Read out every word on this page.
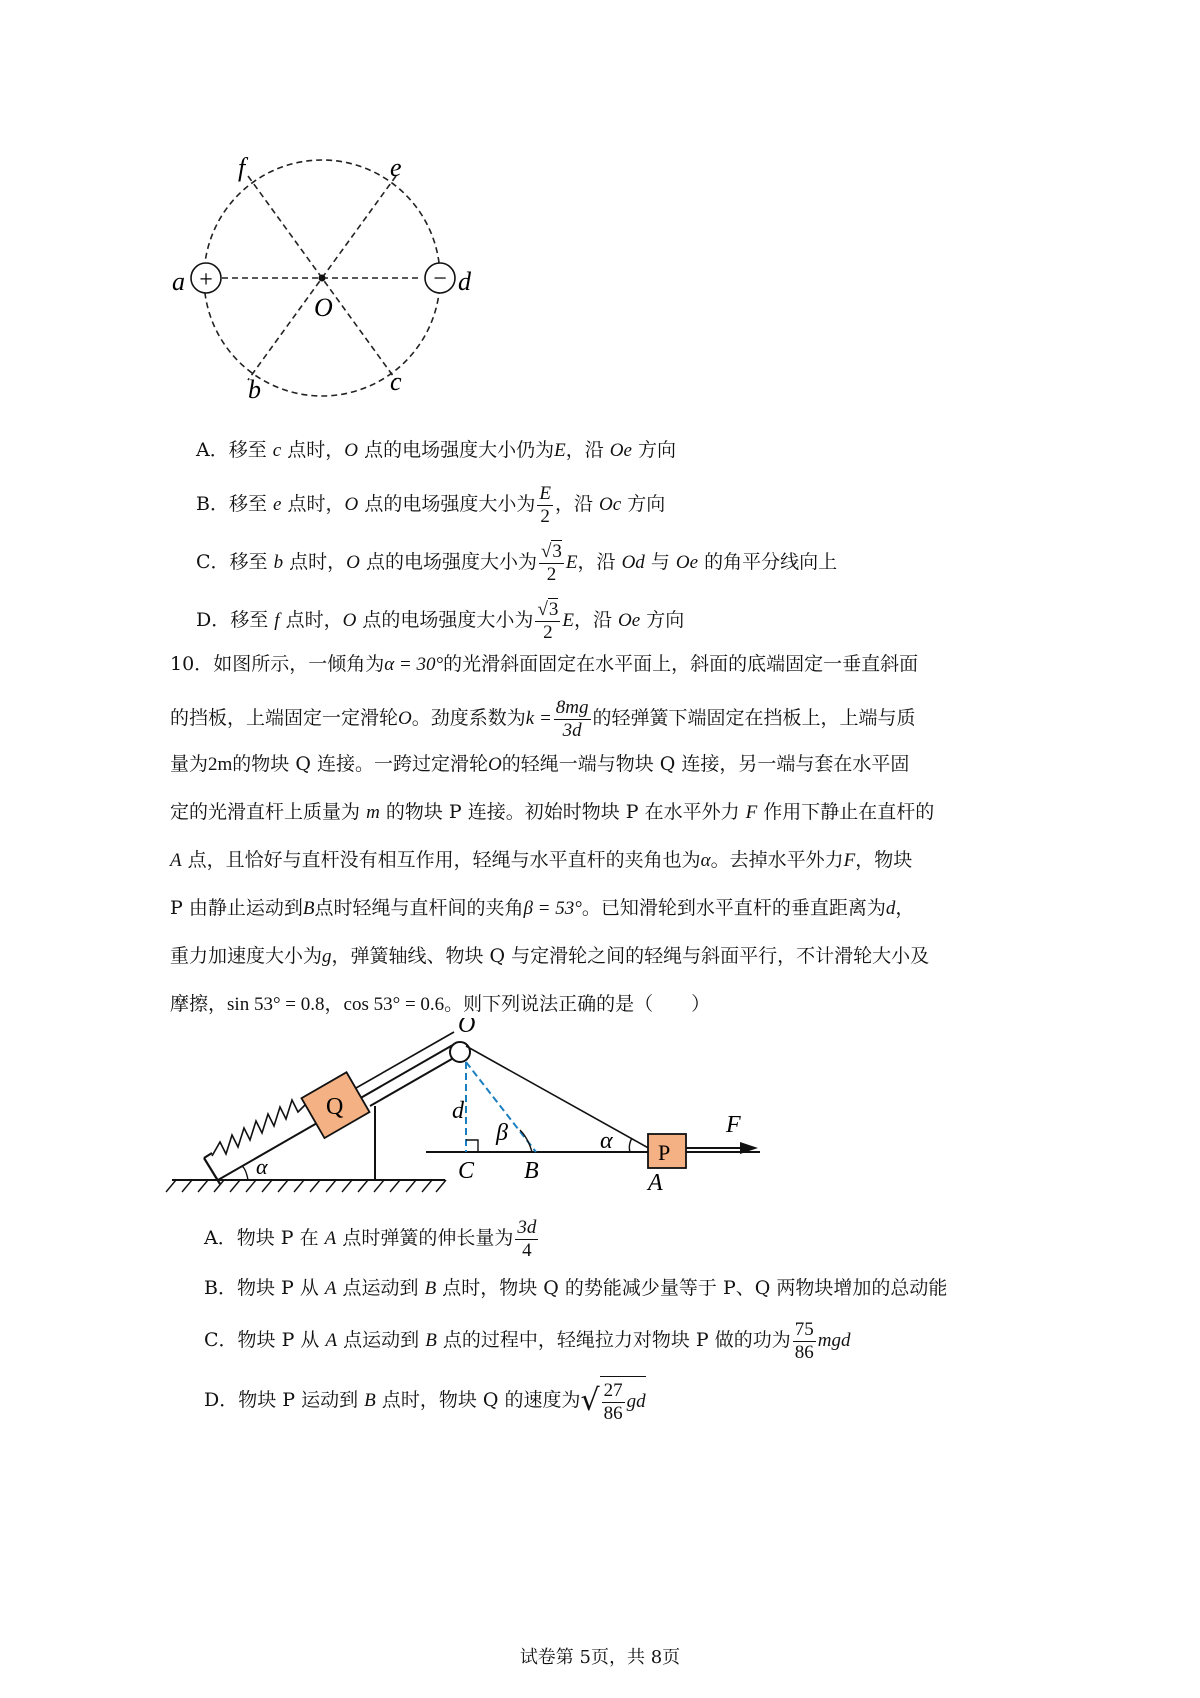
+	−
a	d
f	e
b	c
O
A．移至 c 点时，O 点的电场强度大小仍为E，沿 Oe 方向
B．移至 e 点时，O 点的电场强度大小为 $\frac{E}{2}$ ，沿 Oc 方向
C．移至 b 点时，O 点的电场强度大小为 $\frac{√3}{2}$ E，沿 Od 与 Oe 的角平分线向上
D．移至 f 点时，O 点的电场强度大小为 $\frac{√3}{2}$ E，沿 Oe 方向
10．如图所示，一倾角为α = 30°的光滑斜面固定在水平面上，斜面的底端固定一垂直斜面
的挡板，上端固定一定滑轮O。劲度系数为$k = \frac{8mg}{3d}$ 的轻弹簧下端固定在挡板上，上端与质
量为2m的物块 Q 连接。一跨过定滑轮O的轻绳一端与物块 Q 连接，另一端与套在水平固
定的光滑直杆上质量为 m 的物块 P 连接。初始时物块 P 在水平外力 F 作用下静止在直杆的
A 点，且恰好与直杆没有相互作用，轻绳与水平直杆的夹角也为α。去掉水平外力F，物块
P 由静止运动到B点时轻绳与直杆间的夹角β = 53°。已知滑轮到水平直杆的垂直距离为d，
重力加速度大小为g，弹簧轴线、物块 Q 与定滑轮之间的轻绳与斜面平行，不计滑轮大小及
摩擦，sin 53° = 0.8，cos 53° = 0.6。则下列说法正确的是（　　）
Q
O
P
F
d
β	α
α	C B	A
A．物块 P 在 A 点时弹簧的伸长量为 $\frac{3d}{4}$
B．物块 P 从 A 点运动到 B 点时，物块 Q 的势能减少量等于 P、Q 两物块增加的总动能
C．物块 P 从 A 点运动到 B 点的过程中，轻绳拉力对物块 P 做的功为 $\frac{75}{86}$ mgd
D．物块 P 运动到 B 点时，物块 Q 的速度为√ $\frac{27}{86}$ gd
试卷第 5页，共 8页
